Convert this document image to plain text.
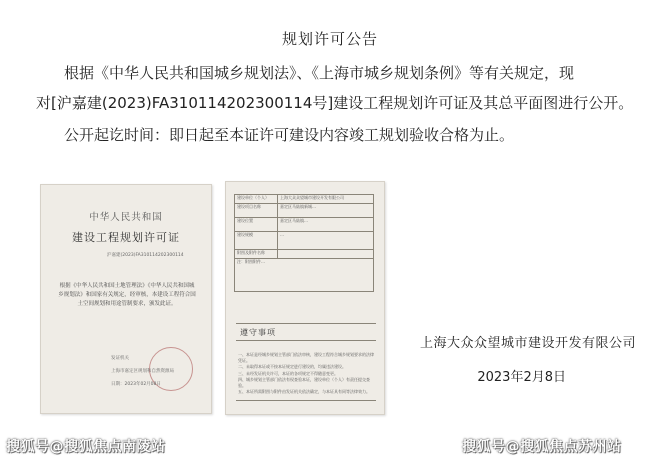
规划许可公告
根据《中华人民共和国城乡规划法》、《上海市城乡规划条例》等有关规定，现
对[沪嘉建(2023)FA310114202300114号]建设工程规划许可证及其总平面图进行公开。
公开起讫时间：即日起至本证许可建设内容竣工规划验收合格为止。
中华人民共和国
建设工程规划许可证
沪嘉建(2023)FA310114202300114
根据《中华人民共和国土地管理法》《中华人民共和国城乡规划法》和国家有关规定，经审核，本建设工程符合国土空间规划和用途管制要求，颁发此证。
发证机关
上海市嘉定区规划和自然资源局
日期：2023年02月08日
建设单位（个人）	上海大众众望城市建设开发有限公司
建设项目名称	嘉定区马陆镇新城…
建设位置	嘉定区马陆镇…
建设规模	…
附图及附件名称	
注：附图附件…	
遵守事项
一、本证是经城乡规划主管部门依法审核，建设工程符合城乡规划要求的法律凭证。
二、未取得本证或不按本证规定进行建设的，均属违法建设。
三、未经发证机关许可，本证的各项规定不得随意变更。
四、城乡规划主管部门依法有权查验本证，建设单位（个人）有责任提交查验。
五、本证所需附图与附件由发证机关依法确定，与本证具有同等法律效力。
上海大众众望城市建设开发有限公司
2023年2月8日
搜狐号@搜狐焦点南陵站	搜狐号@搜狐焦点苏州站
